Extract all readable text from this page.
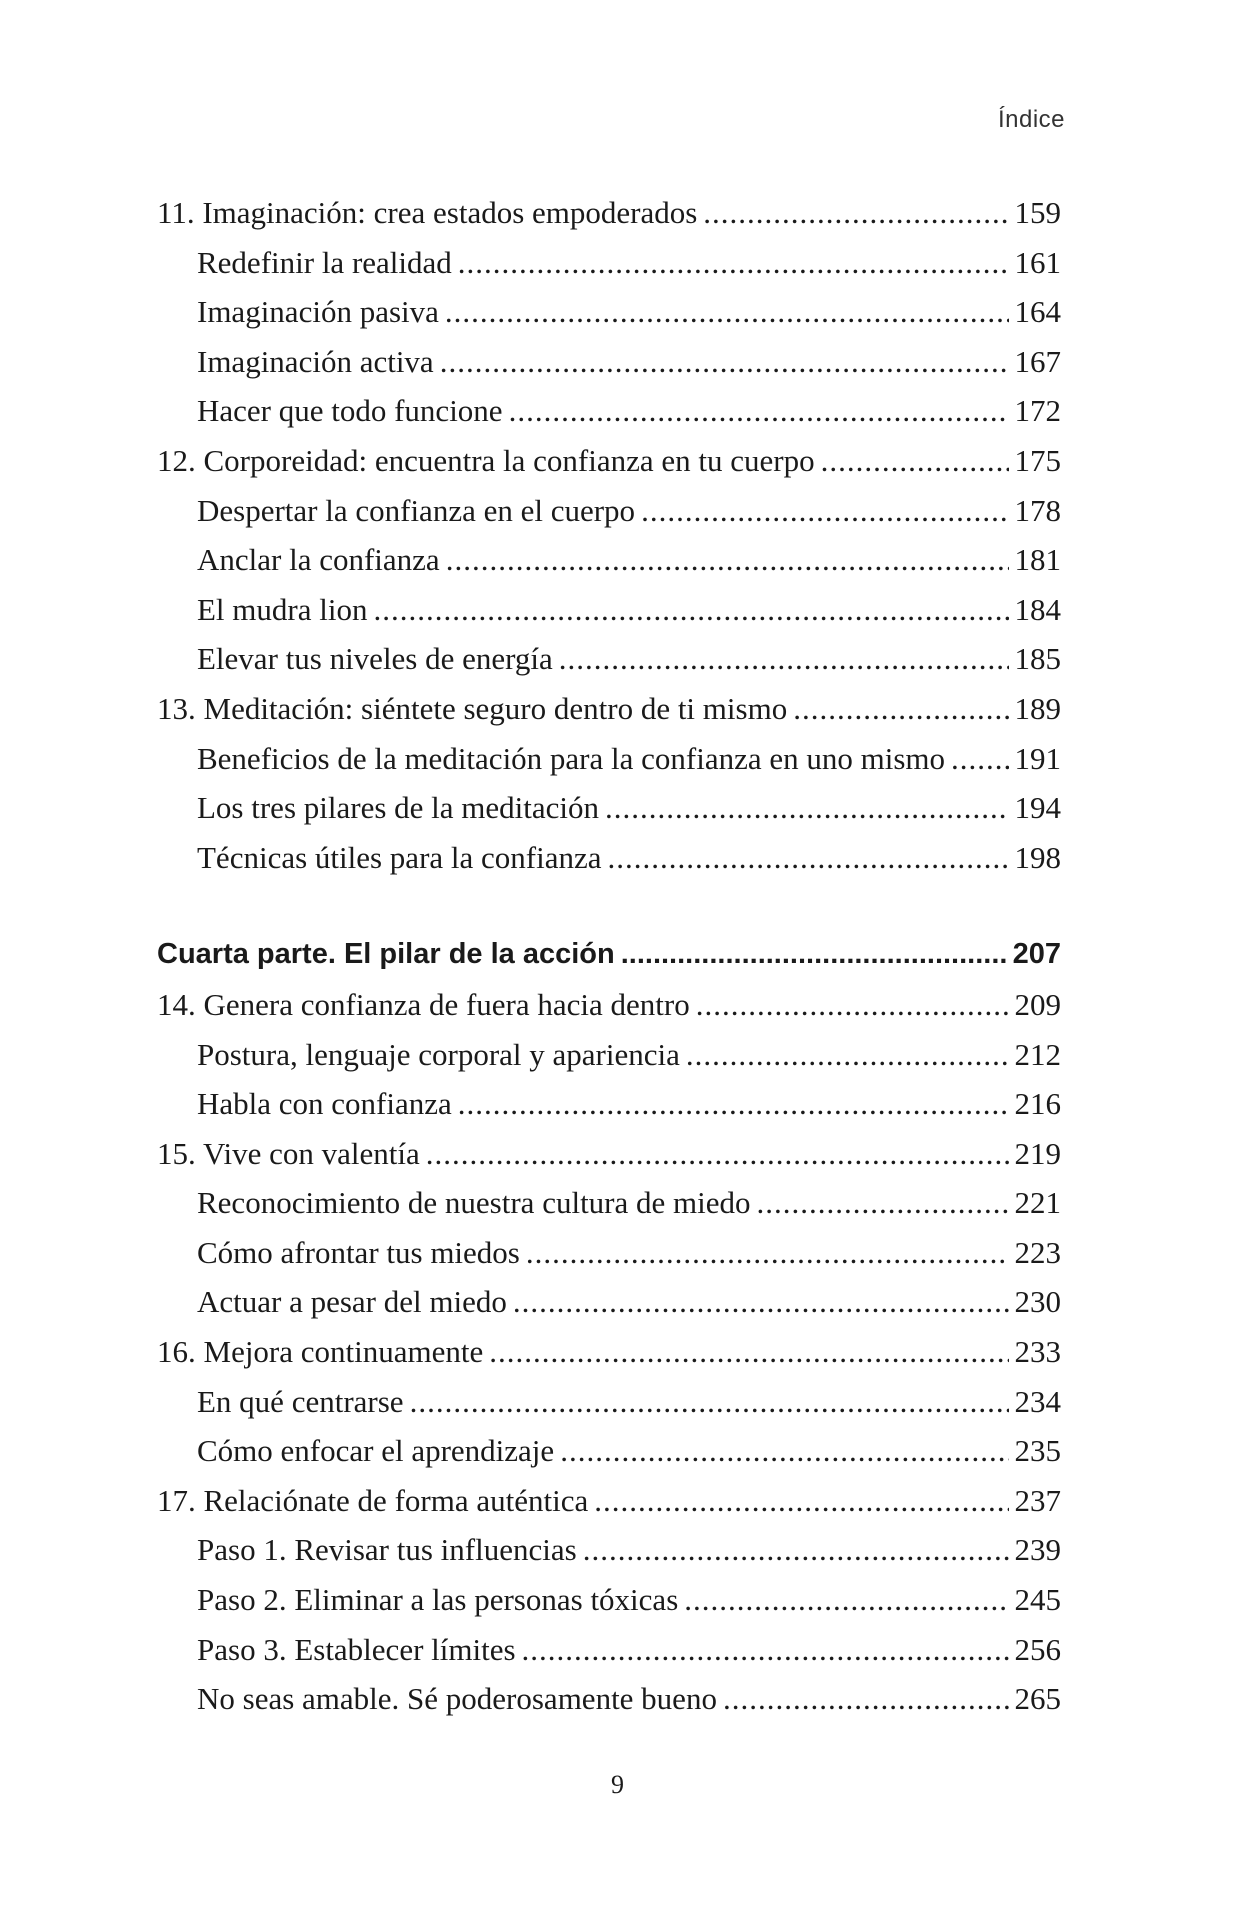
Índice
11. Imaginación: crea estados empoderados .....	159
Redefinir la realidad .....	161
Imaginación pasiva .....	164
Imaginación activa .....	167
Hacer que todo funcione .....	172
12. Corporeidad: encuentra la confianza en tu cuerpo .....	175
Despertar la confianza en el cuerpo .....	178
Anclar la confianza .....	181
El mudra lion .....	184
Elevar tus niveles de energía .....	185
13. Meditación: siéntete seguro dentro de ti mismo .....	189
Beneficios de la meditación para la confianza en uno mismo ..... 191
Los tres pilares de la meditación .....	194
Técnicas útiles para la confianza .....	198
Cuarta parte. El pilar de la acción .....	207
14. Genera confianza de fuera hacia dentro .....	209
Postura, lenguaje corporal y apariencia .....	212
Habla con confianza .....	216
15. Vive con valentía .....	219
Reconocimiento de nuestra cultura de miedo .....	221
Cómo afrontar tus miedos .....	223
Actuar a pesar del miedo .....	230
16. Mejora continuamente .....	233
En qué centrarse .....	234
Cómo enfocar el aprendizaje .....	235
17. Relaciónate de forma auténtica .....	237
Paso 1. Revisar tus influencias .....	239
Paso 2. Eliminar a las personas tóxicas .....	245
Paso 3. Establecer límites .....	256
No seas amable. Sé poderosamente bueno .....	265
9
